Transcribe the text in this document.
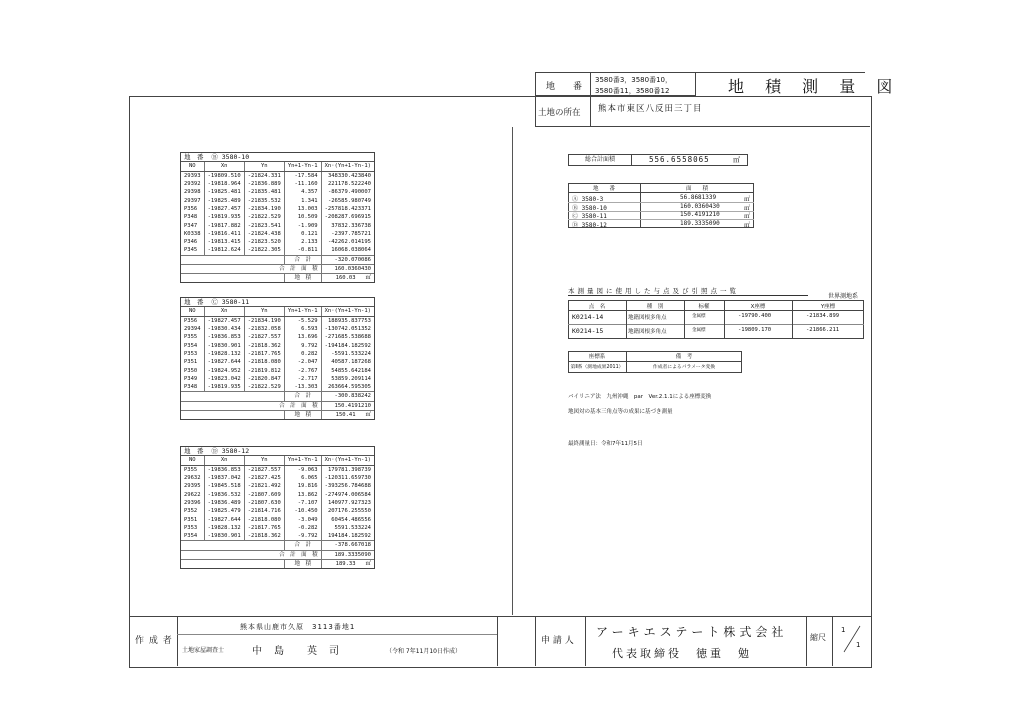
地　　番
3580番3，3580番10，
3580番11，3580番12	地 積 測 量 図
土地の所在 熊本市東区八反田三丁目
地　番 Ⓑ 3580-10				
NO	Xn	Yn	Yn+1-Yn-1	Xn·(Yn+1-Yn-1)
29393	-19809.510	-21824.331	-17.584	348330.423840
29392	-19818.964	-21836.889	-11.160	221178.522240
29398	-19825.481	-21835.481	4.357	-86379.490007
29397	-19825.489	-21835.532	1.341	-26585.980749
P356	-19827.457	-21834.190	13.003	-257818.423371
P348	-19819.935	-21822.529	10.509	-208287.696915
P347	-19817.882	-21823.541	-1.909	37832.336738
K0338	-19816.411	-21824.438	0.121	-2397.785721
P346	-19813.415	-21823.520	2.133	-42262.014195
P345	-19812.624	-21822.305	-0.811	16068.038064
			合　計	-320.070086
		合　計　面　積		160.0360430
			地　積	160.03 ㎡
地　番 Ⓒ 3580-11				
NO	Xn	Yn	Yn+1-Yn-1	Xn·(Yn+1-Yn-1)
P356	-19827.457	-21834.190	-5.529	188935.837753
29394	-19830.434	-21832.058	6.593	-130742.051352
P355	-19836.853	-21827.557	13.696	-271685.538688
P354	-19830.901	-21818.362	9.792	-194184.182592
P353	-19828.132	-21817.765	0.282	-5591.533224
P351	-19827.644	-21818.080	-2.047	40587.187268
P350	-19824.952	-21819.812	-2.767	54855.642184
P349	-19823.042	-21820.847	-2.717	53859.209114
P348	-19819.935	-21822.529	-13.303	263664.595305
			合　計	-300.838242
		合　計　面　積		150.4191210
			地　積	150.41 ㎡
地　番 Ⓓ 3580-12				
NO	Xn	Yn	Yn+1-Yn-1	Xn·(Yn+1-Yn-1)
P355	-19836.853	-21827.557	-9.063	179781.398739
29632	-19837.042	-21827.425	6.065	-120311.659730
29395	-19845.518	-21821.492	19.816	-393256.784688
29622	-19836.532	-21807.609	13.862	-274974.006584
29396	-19836.489	-21807.630	-7.107	140977.927323
P352	-19825.479	-21814.716	-10.450	207176.255550
P351	-19827.644	-21818.080	-3.049	60454.486556
P353	-19828.132	-21817.765	-0.282	5591.533224
P354	-19830.901	-21818.362	-9.792	194184.182592
			合　計	-378.667018
		合　計　面　積		189.3335090
			地　積	189.33 ㎡
総合計面積	556.6558065	㎡
地　　番	面　　積
Ⓐ 3580-3	56.8681339	㎡
Ⓑ 3580-10	160.0360430	㎡
Ⓒ 3580-11	150.4191210	㎡
Ⓓ 3580-12	189.3335090	㎡
本測量図に使用した与点及び引照点一覧
世界測地系
点　名	種　別	标權	X座標	Y座標
K0214-14	地籍図根多角点	金属標	-19790.400	-21834.899
K0214-15	地籍図根多角点	金属標	-19809.170	-21866.211
座標系	備　考
第Ⅱ系（測地成果2011）	作成者によるパラメータ変換
バイリニア法　九州沖縄　par　Ver.2.1.1による座標変換
地図対の基本三角点等の成果に基づき測量
最終測量日：令和7年11月5日
作 成 者
熊本県山鹿市久原　3113番地1
土地家屋調査士	中　島　　英　司	（令和 7年11月10日作成）
申 請 人
アーキエステート株式会社
代表取締役　徳重　勉
縮尺
1
1
